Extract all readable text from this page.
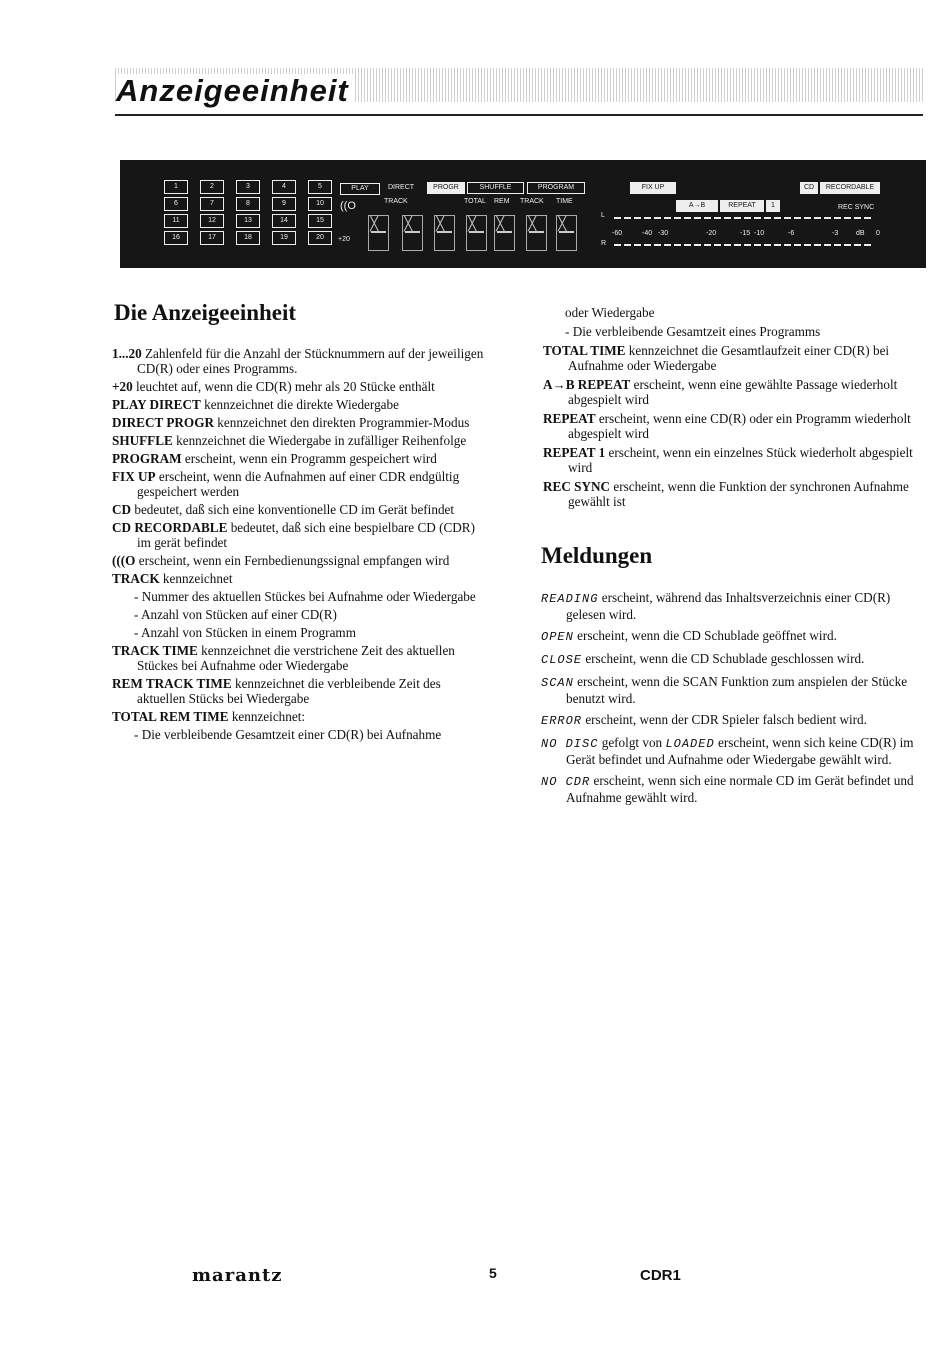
Anzeigeeinheit
1	2	3	4	5
6	7	8	9	10
11	12	13	14	15
16	17	18	19	20
PLAY	DIRECT	PROGR	SHUFFLE	PROGRAM
((O	TRACK	TOTAL REM TRACK TIME
+20
╳
╳
╳
╳
╳
╳
╳
FIX UP	CD	RECORDABLE
A→B	REPEAT	1	REC SYNC
L
R
-60	-40 -30	-20	-15 -10	-6	-3	dB 0
Die Anzeigeeinheit
1...20 Zahlenfeld für die Anzahl der Stücknummern auf der jeweiligen CD(R) oder eines Programms.
+20 leuchtet auf, wenn die CD(R) mehr als 20 Stücke enthält
PLAY DIRECT kennzeichnet die direkte Wiedergabe
DIRECT PROGR kennzeichnet den direkten Programmier-Modus
SHUFFLE kennzeichnet die Wiedergabe in zufälliger Reihenfolge
PROGRAM erscheint, wenn ein Programm gespeichert wird
FIX UP erscheint, wenn die Aufnahmen auf einer CDR endgültig gespeichert werden
CD bedeutet, daß sich eine konventionelle CD im Gerät befindet
CD RECORDABLE bedeutet, daß sich eine bespielbare CD (CDR) im gerät befindet
(((O erscheint, wenn ein Fernbedienungssignal empfangen wird
TRACK kennzeichnet
- Nummer des aktuellen Stückes bei Aufnahme oder Wiedergabe
- Anzahl von Stücken auf einer CD(R)
- Anzahl von Stücken in einem Programm
TRACK TIME kennzeichnet die verstrichene Zeit des aktuellen Stückes bei Aufnahme oder Wiedergabe
REM TRACK TIME kennzeichnet die verbleibende Zeit des aktuellen Stücks bei Wiedergabe
TOTAL REM TIME kennzeichnet:
- Die verbleibende Gesamtzeit einer CD(R) bei Aufnahme
oder Wiedergabe
- Die verbleibende Gesamtzeit eines Programms
TOTAL TIME kennzeichnet die Gesamtlaufzeit einer CD(R) bei Aufnahme oder Wiedergabe
A→B REPEAT erscheint, wenn eine gewählte Passage wiederholt abgespielt wird
REPEAT erscheint, wenn eine CD(R) oder ein Programm wiederholt abgespielt wird
REPEAT 1 erscheint, wenn ein einzelnes Stück wiederholt abgespielt wird
REC SYNC erscheint, wenn die Funktion der synchronen Aufnahme gewählt ist
Meldungen
READING erscheint, während das Inhaltsverzeichnis einer CD(R) gelesen wird.
OPEN erscheint, wenn die CD Schublade geöffnet wird.
CLOSE erscheint, wenn die CD Schublade geschlossen wird.
SCAN erscheint, wenn die SCAN Funktion zum anspielen der Stücke benutzt wird.
ERROR erscheint, wenn der CDR Spieler falsch bedient wird.
NO DISC gefolgt von LOADED erscheint, wenn sich keine CD(R) im Gerät befindet und Aufnahme oder Wiedergabe gewählt wird.
NO CDR erscheint, wenn sich eine normale CD im Gerät befindet und Aufnahme gewählt wird.
marantz	5	CDR1
